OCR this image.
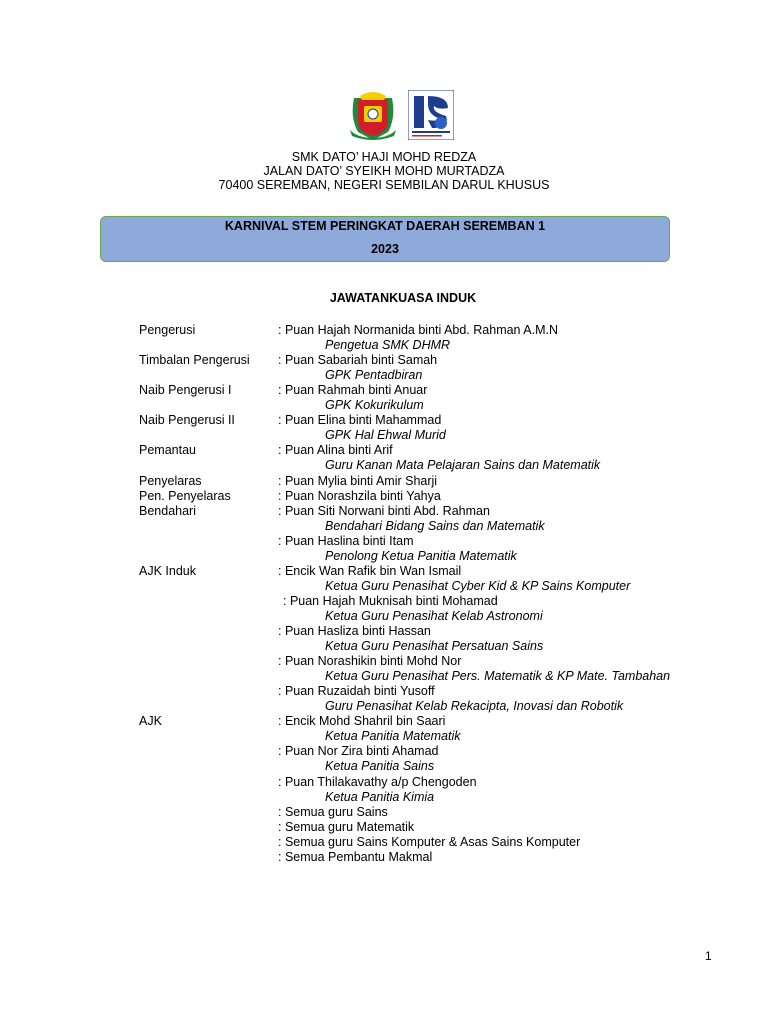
SMK DATO’ HAJI MOHD REDZA
JALAN DATO’ SYEIKH MOHD MURTADZA
70400 SEREMBAN, NEGERI SEMBILAN DARUL KHUSUS
KARNIVAL STEM PERINGKAT DAERAH SEREMBAN 1
2023
JAWATANKUASA INDUK
Pengerusi	: Puan Hajah Normanida binti Abd. Rahman A.M.N
Pengetua SMK DHMR
Timbalan Pengerusi : Puan Sabariah binti Samah
GPK Pentadbiran
Naib Pengerusi I	: Puan Rahmah binti Anuar
GPK Kokurikulum
Naib Pengerusi II	: Puan Elina binti Mahammad
GPK Hal Ehwal Murid
Pemantau	: Puan Alina binti Arif
Guru Kanan Mata Pelajaran Sains dan Matematik
Penyelaras	: Puan Mylia binti Amir Sharji
Pen. Penyelaras	: Puan Norashzila binti Yahya
Bendahari	: Puan Siti Norwani binti Abd. Rahman
Bendahari Bidang Sains dan Matematik
: Puan Haslina binti Itam
Penolong Ketua Panitia Matematik
AJK Induk	: Encik Wan Rafik bin Wan Ismail
Ketua Guru Penasihat Cyber Kid & KP Sains Komputer
: Puan Hajah Muknisah binti Mohamad
Ketua Guru Penasihat Kelab Astronomi
: Puan Hasliza binti Hassan
Ketua Guru Penasihat Persatuan Sains
: Puan Norashikin binti Mohd Nor
Ketua Guru Penasihat Pers. Matematik & KP Mate. Tambahan
: Puan Ruzaidah binti Yusoff
Guru Penasihat Kelab Rekacipta, Inovasi dan Robotik
AJK	: Encik Mohd Shahril bin Saari
Ketua Panitia Matematik
: Puan Nor Zira binti Ahamad
Ketua Panitia Sains
: Puan Thilakavathy a/p Chengoden
Ketua Panitia Kimia
: Semua guru Sains
: Semua guru Matematik
: Semua guru Sains Komputer & Asas Sains Komputer
: Semua Pembantu Makmal
1
